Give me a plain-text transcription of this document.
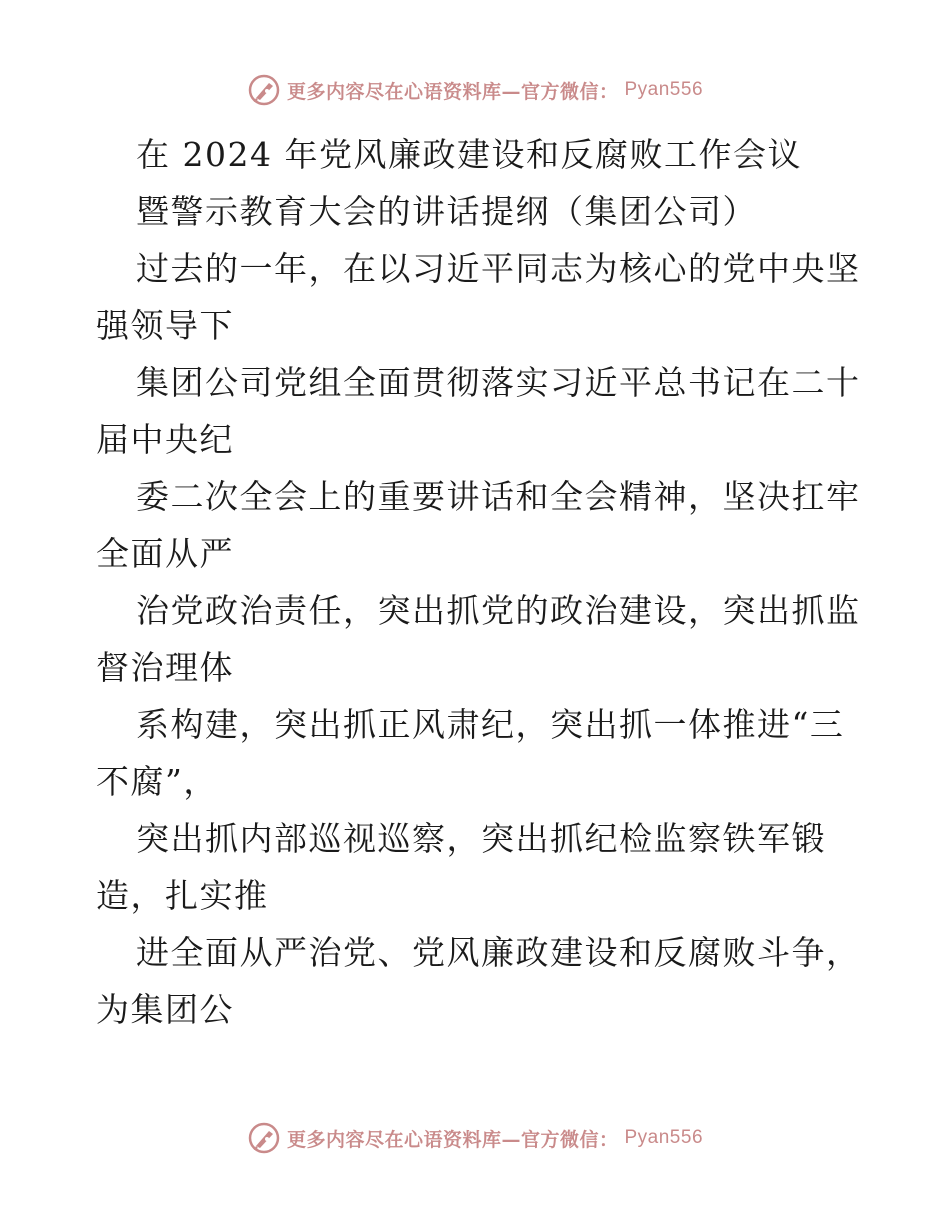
更多内容尽在心语资料库—官方微信： Pyan556
在 2024 年党风廉政建设和反腐败工作会议
暨警示教育大会的讲话提纲（集团公司）
过去的一年，在以习近平同志为核心的党中央坚
强领导下
集团公司党组全面贯彻落实习近平总书记在二十
届中央纪
委二次全会上的重要讲话和全会精神，坚决扛牢
全面从严
治党政治责任，突出抓党的政治建设，突出抓监
督治理体
系构建，突出抓正风肃纪，突出抓一体推进“三
不腐”，
突出抓内部巡视巡察，突出抓纪检监察铁军锻
造，扎实推
进全面从严治党、党风廉政建设和反腐败斗争，
为集团公
更多内容尽在心语资料库—官方微信： Pyan556
